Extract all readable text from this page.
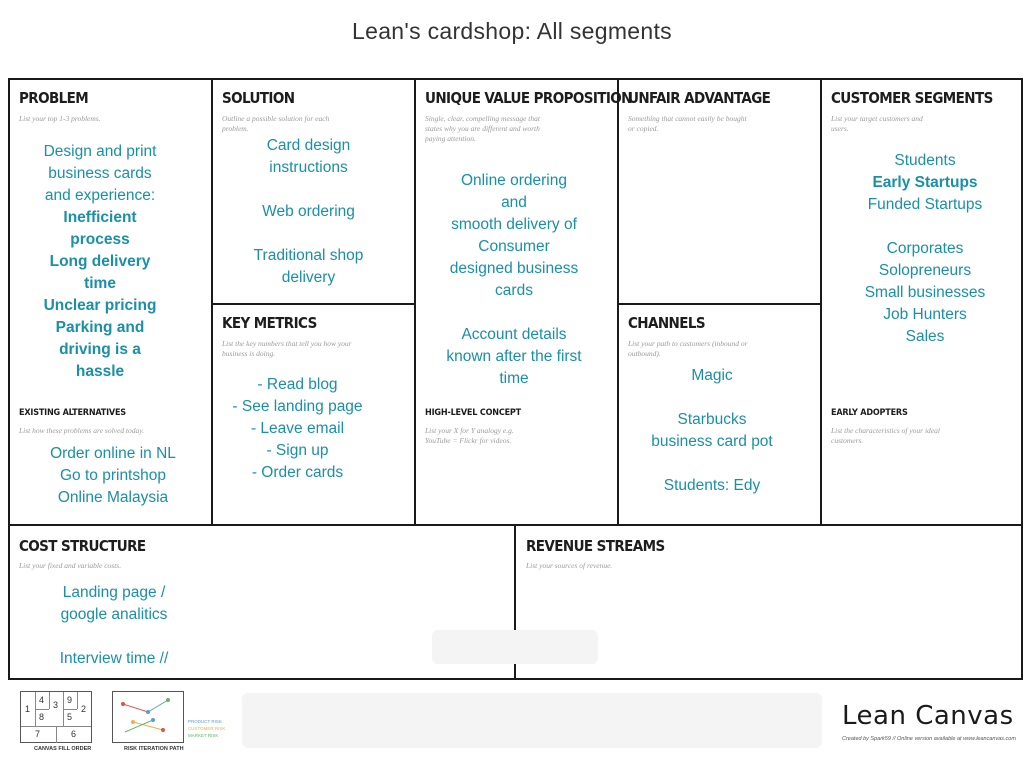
Lean's cardshop: All segments
PROBLEM
List your top 1-3 problems.
Design and print
business cards
and experience:
Inefficient
process
Long delivery
time
Unclear pricing
Parking and
driving is a
hassle
EXISTING ALTERNATIVES
List how these problems are solved today.
Order online in NL
Go to printshop
Online Malaysia
SOLUTION
Outline a possible solution for each problem.
Card design
instructions

Web ordering

Traditional shop
delivery
KEY METRICS
List the key numbers that tell you how your business is doing.
- Read blog
- See landing page
- Leave email
- Sign up
- Order cards
UNIQUE VALUE PROPOSITION
Single, clear, compelling message that states why you are different and worth paying attention.
Online ordering
and
smooth delivery of
Consumer
designed business
cards

Account details
known after the first
time
HIGH-LEVEL CONCEPT
List your X for Y analogy e.g. YouTube = Flickr for videos.
UNFAIR ADVANTAGE
Something that cannot easily be bought or copied.
CHANNELS
List your path to customers (inbound or outbound).
Magic

Starbucks
business card pot

Students: Edy
CUSTOMER SEGMENTS
List your target customers and users.
Students
Early Startups
Funded Startups

Corporates
Solopreneurs
Small businesses
Job Hunters
Sales
EARLY ADOPTERS
List the characteristics of your ideal customers.
COST STRUCTURE
List your fixed and variable costs.
Landing page /
google analitics

Interview time //
REVENUE STREAMS
List your sources of revenue.
1
4 3 9
2
8	5
7	6
CANVAS FILL ORDER
PRODUCT RISK
CUSTOMER RISK
MARKET RISK
RISK ITERATION PATH
Lean Canvas
Created by Spark59 // Online version available at www.leancanvas.com
